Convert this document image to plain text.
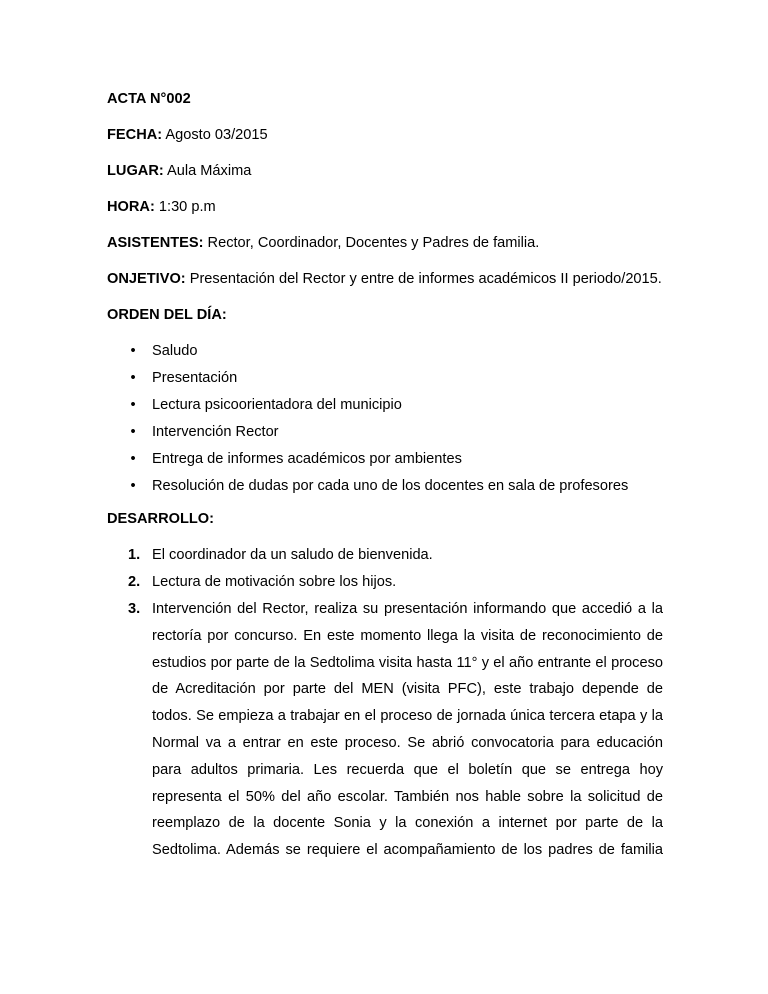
ACTA N°002

FECHA: Agosto 03/2015

LUGAR: Aula Máxima

HORA: 1:30 p.m

ASISTENTES: Rector, Coordinador, Docentes y Padres de familia.

ONJETIVO: Presentación del Rector y entre de informes académicos II periodo/2015.

ORDEN DEL DÍA:

• Saludo
• Presentación
• Lectura psicoorientadora del municipio
• Intervención Rector
• Entrega de informes académicos por ambientes
• Resolución de dudas por cada uno de los docentes en sala de profesores

DESARROLLO:

1. El coordinador da un saludo de bienvenida.
2. Lectura de motivación sobre los hijos.
3. Intervención del Rector, realiza su presentación informando que accedió a la rectoría por concurso. En este momento llega la visita de reconocimiento de estudios por parte de la Sedtolima visita hasta 11° y el año entrante el proceso de Acreditación por parte del MEN (visita PFC), este trabajo depende de todos. Se empieza a trabajar en el proceso de jornada única tercera etapa y la Normal va a entrar en este proceso. Se abrió convocatoria para educación para adultos primaria. Les recuerda que el boletín que se entrega hoy representa el 50% del año escolar. También nos hable sobre la solicitud de reemplazo de la docente Sonia y la conexión a internet por parte de la Sedtolima. Además se requiere el acompañamiento de los padres de familia
